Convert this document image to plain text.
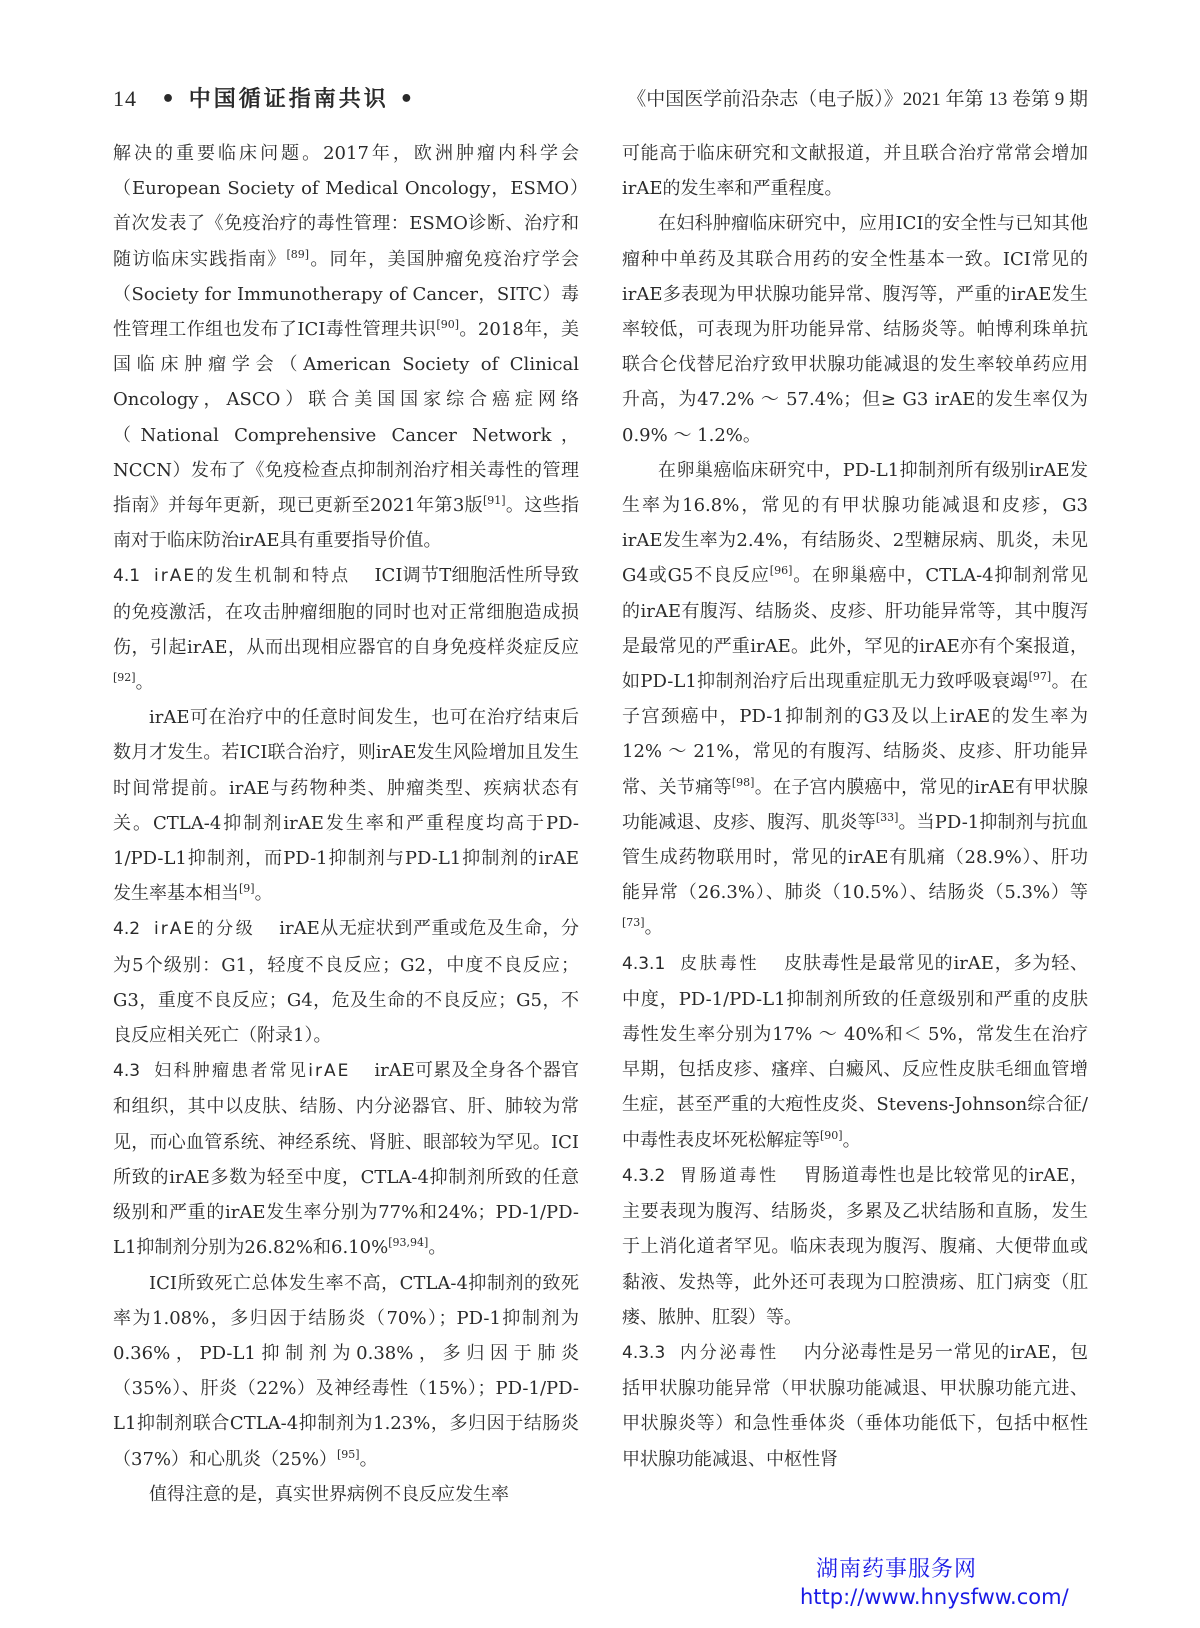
14 • 中国循证指南共识 •	《中国医学前沿杂志（电子版）》2021 年第 13 卷第 9 期

解决的重要临床问题。2017年，欧洲肿瘤内科学会（European Society of Medical Oncology，ESMO）首次发表了《免疫治疗的毒性管理：ESMO诊断、治疗和随访临床实践指南》[89]。同年，美国肿瘤免疫治疗学会（Society for Immunotherapy of Cancer，SITC）毒性管理工作组也发布了ICI毒性管理共识[90]。2018年，美国临床肿瘤学会（American Society of Clinical Oncology，ASCO）联合美国国家综合癌症网络（National Comprehensive Cancer Network，NCCN）发布了《免疫检查点抑制剂治疗相关毒性的管理指南》并每年更新，现已更新至2021年第3版[91]。这些指南对于临床防治irAE具有重要指导价值。

4.1 irAE的发生机制和特点 ICI调节T细胞活性所导致的免疫激活，在攻击肿瘤细胞的同时也对正常细胞造成损伤，引起irAE，从而出现相应器官的自身免疫样炎症反应[92]。

irAE可在治疗中的任意时间发生，也可在治疗结束后数月才发生。若ICI联合治疗，则irAE发生风险增加且发生时间常提前。irAE与药物种类、肿瘤类型、疾病状态有关。CTLA-4抑制剂irAE发生率和严重程度均高于PD-1/PD-L1抑制剂，而PD-1抑制剂与PD-L1抑制剂的irAE发生率基本相当[9]。

4.2 irAE的分级 irAE从无症状到严重或危及生命，分为5个级别：G1，轻度不良反应；G2，中度不良反应；G3，重度不良反应；G4，危及生命的不良反应；G5，不良反应相关死亡（附录1）。

4.3 妇科肿瘤患者常见irAE irAE可累及全身各个器官和组织，其中以皮肤、结肠、内分泌器官、肝、肺较为常见，而心血管系统、神经系统、肾脏、眼部较为罕见。ICI所致的irAE多数为轻至中度，CTLA-4抑制剂所致的任意级别和严重的irAE发生率分别为77%和24%；PD-1/PD-L1抑制剂分别为26.82%和6.10%[93,94]。

ICI所致死亡总体发生率不高，CTLA-4抑制剂的致死率为1.08%，多归因于结肠炎（70%）；PD-1抑制剂为0.36%，PD-L1抑制剂为0.38%，多归因于肺炎（35%）、肝炎（22%）及神经毒性（15%）；PD-1/PD-L1抑制剂联合CTLA-4抑制剂为1.23%，多归因于结肠炎（37%）和心肌炎（25%）[95]。

值得注意的是，真实世界病例不良反应发生率

可能高于临床研究和文献报道，并且联合治疗常常会增加irAE的发生率和严重程度。

在妇科肿瘤临床研究中，应用ICI的安全性与已知其他瘤种中单药及其联合用药的安全性基本一致。ICI常见的irAE多表现为甲状腺功能异常、腹泻等，严重的irAE发生率较低，可表现为肝功能异常、结肠炎等。帕博利珠单抗联合仑伐替尼治疗致甲状腺功能减退的发生率较单药应用升高，为47.2% ～ 57.4%；但≥ G3 irAE的发生率仅为0.9% ～ 1.2%。

在卵巢癌临床研究中，PD-L1抑制剂所有级别irAE发生率为16.8%，常见的有甲状腺功能减退和皮疹，G3 irAE发生率为2.4%，有结肠炎、2型糖尿病、肌炎，未见G4或G5不良反应[96]。在卵巢癌中，CTLA-4抑制剂常见的irAE有腹泻、结肠炎、皮疹、肝功能异常等，其中腹泻是最常见的严重irAE。此外，罕见的irAE亦有个案报道，如PD-L1抑制剂治疗后出现重症肌无力致呼吸衰竭[97]。在子宫颈癌中，PD-1抑制剂的G3及以上irAE的发生率为12% ～ 21%，常见的有腹泻、结肠炎、皮疹、肝功能异常、关节痛等[98]。在子宫内膜癌中，常见的irAE有甲状腺功能减退、皮疹、腹泻、肌炎等[33]。当PD-1抑制剂与抗血管生成药物联用时，常见的irAE有肌痛（28.9%）、肝功能异常（26.3%）、肺炎（10.5%）、结肠炎（5.3%）等[73]。

4.3.1 皮肤毒性 皮肤毒性是最常见的irAE，多为轻、中度，PD-1/PD-L1抑制剂所致的任意级别和严重的皮肤毒性发生率分别为17% ～ 40%和＜ 5%，常发生在治疗早期，包括皮疹、瘙痒、白癜风、反应性皮肤毛细血管增生症，甚至严重的大疱性皮炎、Stevens-Johnson综合征/中毒性表皮坏死松解症等[90]。

4.3.2 胃肠道毒性 胃肠道毒性也是比较常见的irAE，主要表现为腹泻、结肠炎，多累及乙状结肠和直肠，发生于上消化道者罕见。临床表现为腹泻、腹痛、大便带血或黏液、发热等，此外还可表现为口腔溃疡、肛门病变（肛瘘、脓肿、肛裂）等。

4.3.3 内分泌毒性 内分泌毒性是另一常见的irAE，包括甲状腺功能异常（甲状腺功能减退、甲状腺功能亢进、甲状腺炎等）和急性垂体炎（垂体功能低下，包括中枢性甲状腺功能减退、中枢性肾

湖南药事服务网
http://www.hnysfww.com/
